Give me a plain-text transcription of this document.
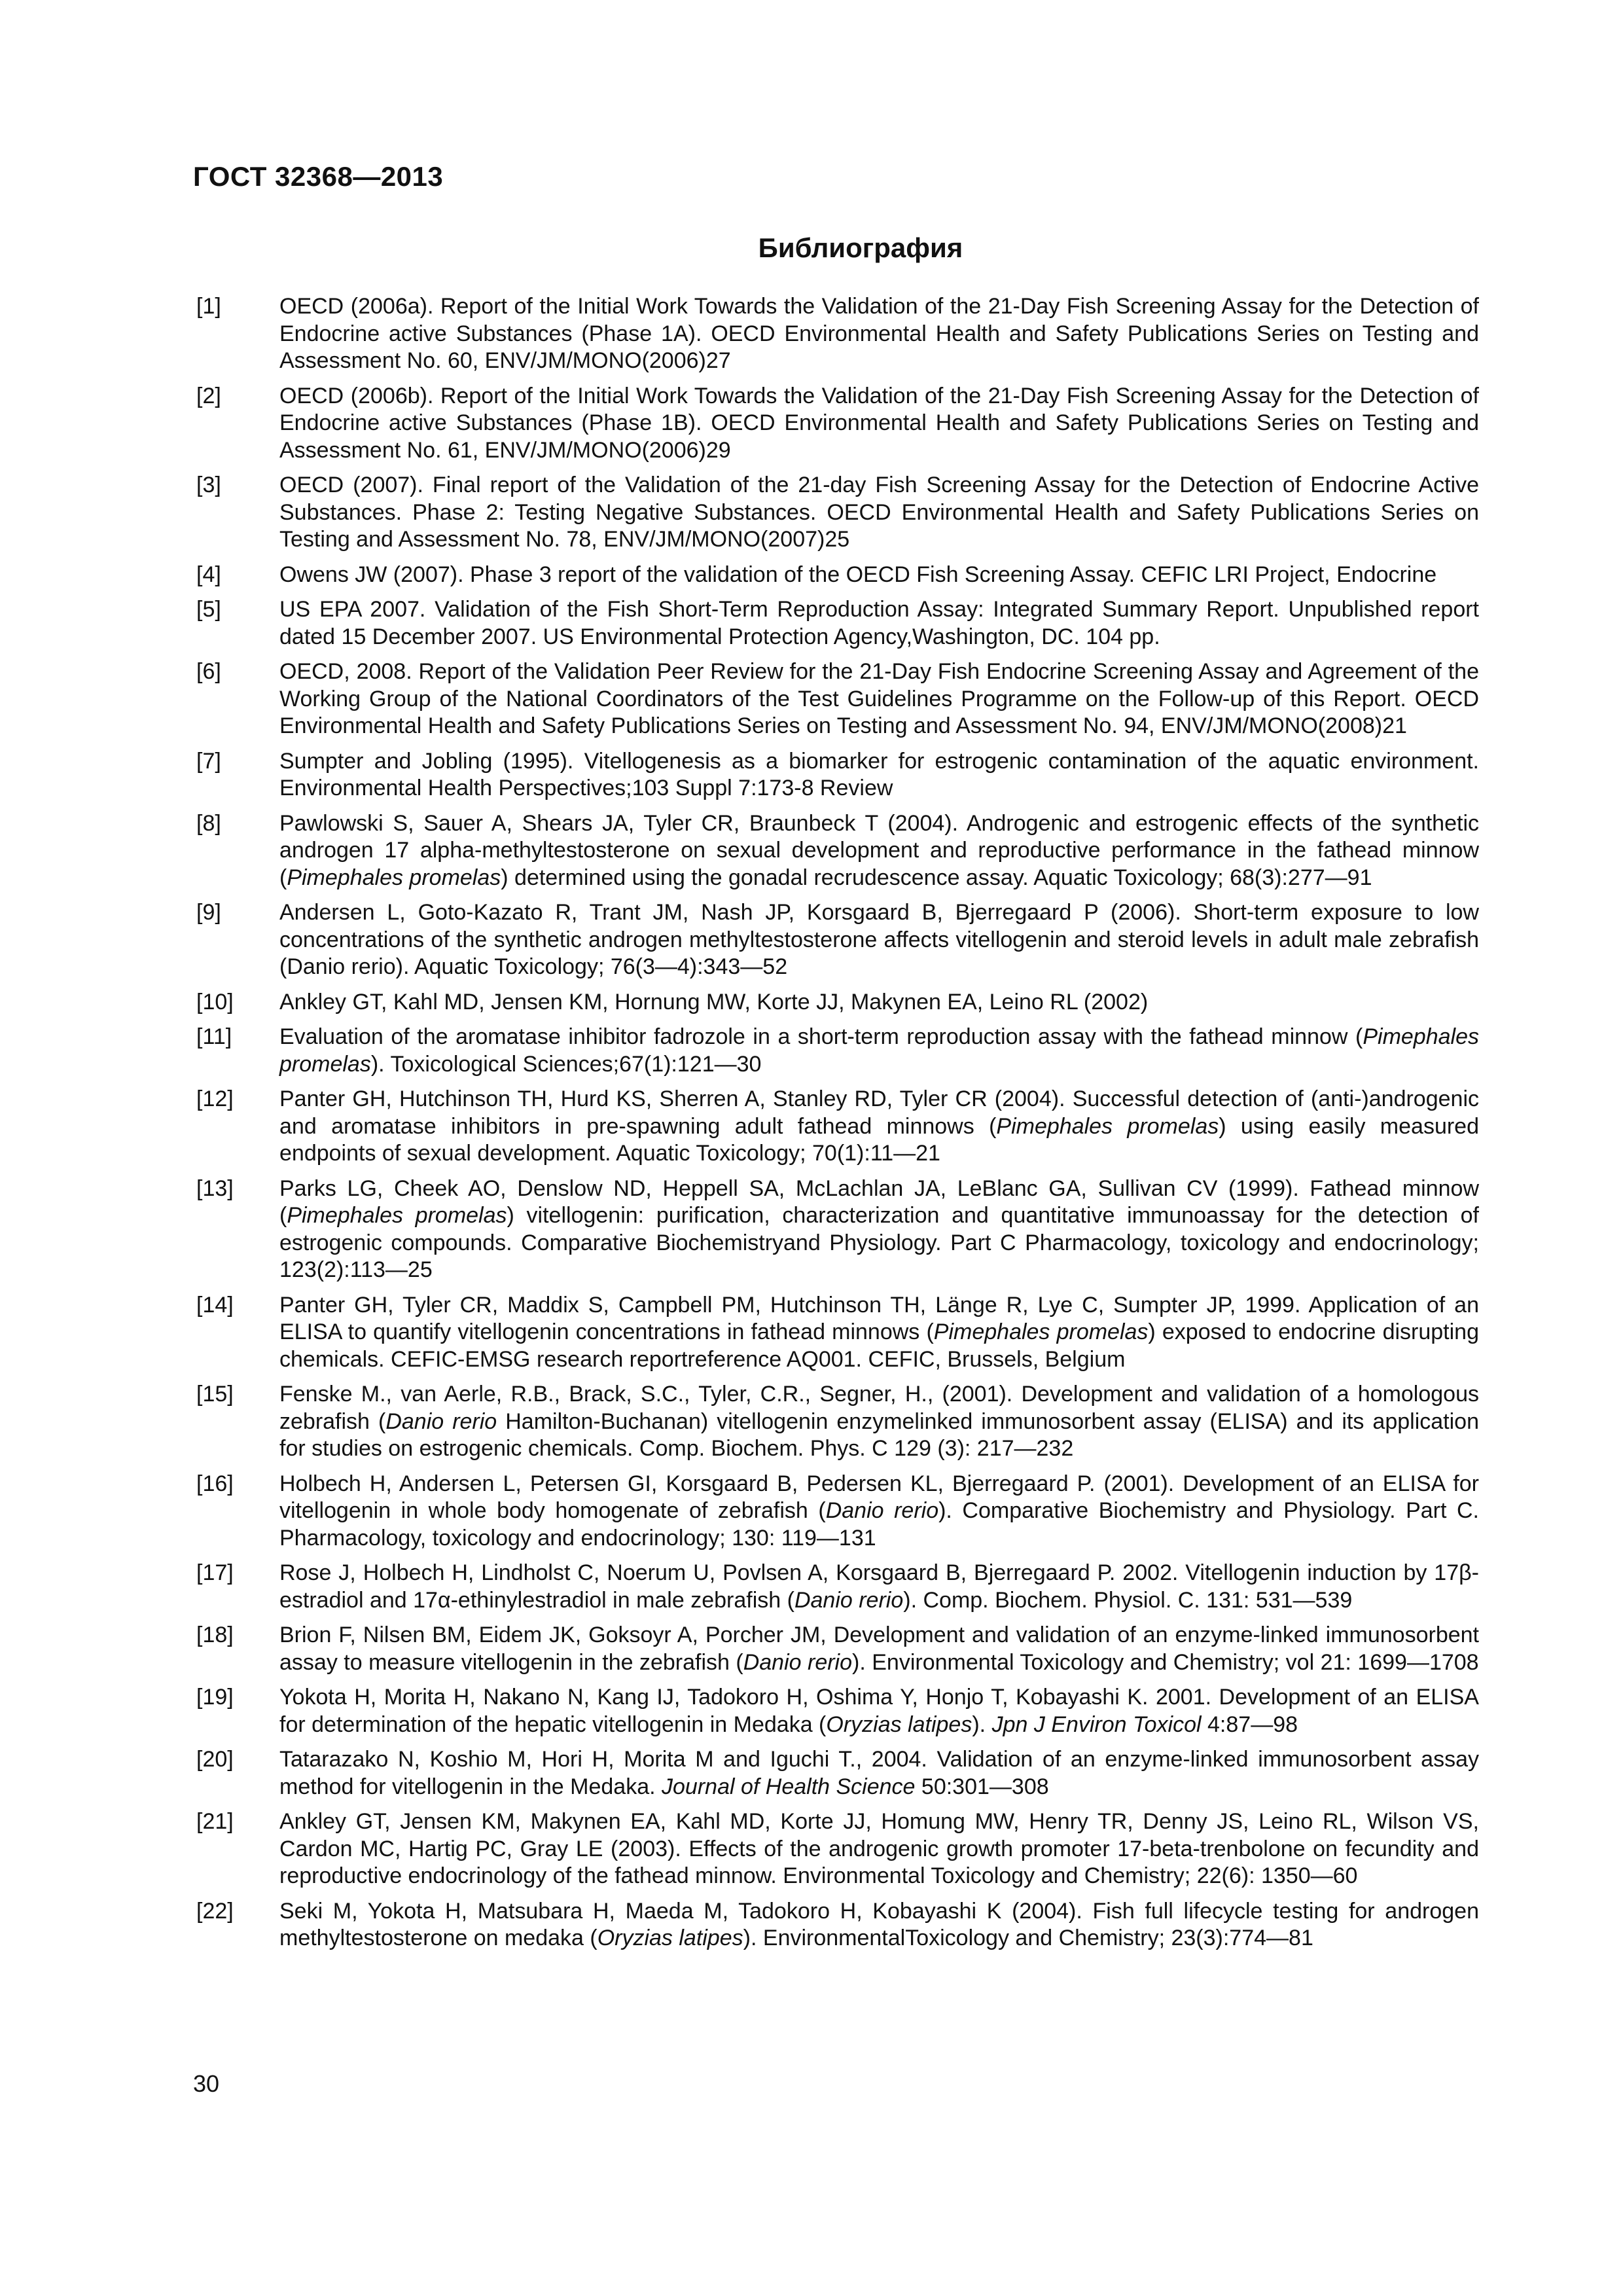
ГОСТ 32368—2013
Библиография
[1]	OECD (2006a). Report of the Initial Work Towards the Validation of the 21-Day Fish Screening Assay for the Detection of Endocrine active Substances (Phase 1A). OECD Environmental Health and Safety Publications Series on Testing and Assessment No. 60, ENV/JM/MONO(2006)27
[2]	OECD (2006b). Report of the Initial Work Towards the Validation of the 21-Day Fish Screening Assay for the Detection of Endocrine active Substances (Phase 1B). OECD Environmental Health and Safety Publications Series on Testing and Assessment No. 61, ENV/JM/MONO(2006)29
[3]	OECD (2007). Final report of the Validation of the 21-day Fish Screening Assay for the Detection of Endocrine Active Substances. Phase 2: Testing Negative Substances. OECD Environmental Health and Safety Publications Series on Testing and Assessment No. 78, ENV/JM/MONO(2007)25
[4]	Owens JW (2007). Phase 3 report of the validation of the OECD Fish Screening Assay. CEFIC LRI Project, Endocrine
[5]	US EPA 2007. Validation of the Fish Short-Term Reproduction Assay: Integrated Summary Report. Unpublished report dated 15 December 2007. US Environmental Protection Agency,Washington, DC. 104 pp.
[6]	OECD, 2008. Report of the Validation Peer Review for the 21-Day Fish Endocrine Screening Assay and Agreement of the Working Group of the National Coordinators of the Test Guidelines Programme on the Follow-up of this Report. OECD Environmental Health and Safety Publications Series on Testing and Assessment No. 94, ENV/JM/MONO(2008)21
[7]	Sumpter and Jobling (1995). Vitellogenesis as a biomarker for estrogenic contamination of the aquatic environment. Environmental Health Perspectives;103 Suppl 7:173-8 Review
[8]	Pawlowski S, Sauer A, Shears JA, Tyler CR, Braunbeck T (2004). Androgenic and estrogenic effects of the synthetic androgen 17 alpha-methyltestosterone on sexual development and reproductive performance in the fathead minnow (Pimephales promelas) determined using the gonadal recrudescence assay. Aquatic Toxicology; 68(3):277—91
[9]	Andersen L, Goto-Kazato R, Trant JM, Nash JP, Korsgaard B, Bjerregaard P (2006). Short-term exposure to low concentrations of the synthetic androgen methyltestosterone affects vitellogenin and steroid levels in adult male zebrafish (Danio rerio). Aquatic Toxicology; 76(3—4):343—52
[10]	Ankley GT, Kahl MD, Jensen KM, Hornung MW, Korte JJ, Makynen EA, Leino RL (2002)
[11]	Evaluation of the aromatase inhibitor fadrozole in a short-term reproduction assay with the fathead minnow (Pimephales promelas). Toxicological Sciences;67(1):121—30
[12]	Panter GH, Hutchinson TH, Hurd KS, Sherren A, Stanley RD, Tyler CR (2004). Successful detection of (anti-)androgenic and aromatase inhibitors in pre-spawning adult fathead minnows (Pimephales promelas) using easily measured endpoints of sexual development. Aquatic Toxicology; 70(1):11—21
[13]	Parks LG, Cheek AO, Denslow ND, Heppell SA, McLachlan JA, LeBlanc GA, Sullivan CV (1999). Fathead minnow (Pimephales promelas) vitellogenin: purification, characterization and quantitative immunoassay for the detection of estrogenic compounds. Comparative Biochemistryand Physiology. Part C Pharmacology, toxicology and endocrinology; 123(2):113—25
[14]	Panter GH, Tyler CR, Maddix S, Campbell PM, Hutchinson TH, Länge R, Lye C, Sumpter JP, 1999. Application of an ELISA to quantify vitellogenin concentrations in fathead minnows (Pimephales promelas) exposed to endocrine disrupting chemicals. CEFIC-EMSG research reportreference AQ001. CEFIC, Brussels, Belgium
[15]	Fenske M., van Aerle, R.B., Brack, S.C., Tyler, C.R., Segner, H., (2001). Development and validation of a homologous zebrafish (Danio rerio Hamilton-Buchanan) vitellogenin enzymelinked immunosorbent assay (ELISA) and its application for studies on estrogenic chemicals. Comp. Biochem. Phys. C 129 (3): 217—232
[16]	Holbech H, Andersen L, Petersen GI, Korsgaard B, Pedersen KL, Bjerregaard P. (2001). Development of an ELISA for vitellogenin in whole body homogenate of zebrafish (Danio rerio). Comparative Biochemistry and Physiology. Part C. Pharmacology, toxicology and endocrinology; 130: 119—131
[17]	Rose J, Holbech H, Lindholst C, Noerum U, Povlsen A, Korsgaard B, Bjerregaard P. 2002. Vitellogenin induction by 17β-estradiol and 17α-ethinylestradiol in male zebrafish (Danio rerio). Comp. Biochem. Physiol. C. 131: 531—539
[18]	Brion F, Nilsen BM, Eidem JK, Goksoyr A, Porcher JM, Development and validation of an enzyme-linked immunosorbent assay to measure vitellogenin in the zebrafish (Danio rerio). Environmental Toxicology and Chemistry; vol 21: 1699—1708
[19]	Yokota H, Morita H, Nakano N, Kang IJ, Tadokoro H, Oshima Y, Honjo T, Kobayashi K. 2001. Development of an ELISA for determination of the hepatic vitellogenin in Medaka (Oryzias latipes). Jpn J Environ Toxicol 4:87—98
[20]	Tatarazako N, Koshio M, Hori H, Morita M and Iguchi T., 2004. Validation of an enzyme-linked immunosorbent assay method for vitellogenin in the Medaka. Journal of Health Science 50:301—308
[21]	Ankley GT, Jensen KM, Makynen EA, Kahl MD, Korte JJ, Homung MW, Henry TR, Denny JS, Leino RL, Wilson VS, Cardon MC, Hartig PC, Gray LE (2003). Effects of the androgenic growth promoter 17-beta-trenbolone on fecundity and reproductive endocrinology of the fathead minnow. Environmental Toxicology and Chemistry; 22(6): 1350—60
[22]	Seki M, Yokota H, Matsubara H, Maeda M, Tadokoro H, Kobayashi K (2004). Fish full lifecycle testing for androgen methyltestosterone on medaka (Oryzias latipes). EnvironmentalToxicology and Chemistry; 23(3):774—81
30
